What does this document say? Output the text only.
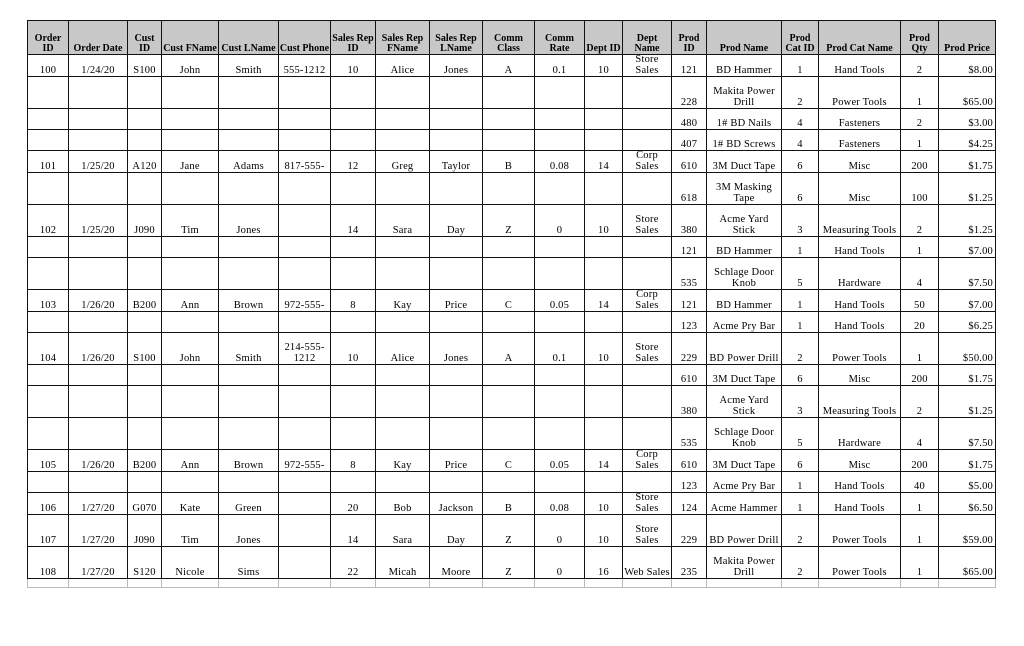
Order ID	Order Date	Cust ID	Cust FName	Cust LName	Cust Phone	Sales Rep ID	Sales Rep FName	Sales Rep LName	Comm Class	Comm Rate	Dept ID	Dept Name	Prod ID	Prod Name	Prod Cat ID	Prod Cat Name	Prod Qty	Prod Price
100	1/24/20	S100	John	Smith	555-1212	10	Alice	Jones	A	0.1	10	Store Sales	121	BD Hammer	1	Hand Tools	2	$8.00
													228	Makita Power Drill	2	Power Tools	1	$65.00
													480	1# BD Nails	4	Fasteners	2	$3.00
													407	1# BD Screws	4	Fasteners	1	$4.25
101	1/25/20	A120	Jane	Adams	817-555-	12	Greg	Taylor	B	0.08	14	Corp Sales	610	3M Duct Tape	6	Misc	200	$1.75
													618	3M Masking Tape	6	Misc	100	$1.25
102	1/25/20	J090	Tim	Jones		14	Sara	Day	Z	0	10	Store Sales	380	Acme Yard Stick	3	Measuring Tools	2	$1.25
													121	BD Hammer	1	Hand Tools	1	$7.00
													535	Schlage Door Knob	5	Hardware	4	$7.50
103	1/26/20	B200	Ann	Brown	972-555-	8	Kay	Price	C	0.05	14	Corp Sales	121	BD Hammer	1	Hand Tools	50	$7.00
													123	Acme Pry Bar	1	Hand Tools	20	$6.25
104	1/26/20	S100	John	Smith	214-555-1212	10	Alice	Jones	A	0.1	10	Store Sales	229	BD Power Drill	2	Power Tools	1	$50.00
													610	3M Duct Tape	6	Misc	200	$1.75
													380	Acme Yard Stick	3	Measuring Tools	2	$1.25
													535	Schlage Door Knob	5	Hardware	4	$7.50
105	1/26/20	B200	Ann	Brown	972-555-	8	Kay	Price	C	0.05	14	Corp Sales	610	3M Duct Tape	6	Misc	200	$1.75
													123	Acme Pry Bar	1	Hand Tools	40	$5.00
106	1/27/20	G070	Kate	Green		20	Bob	Jackson	B	0.08	10	Store Sales	124	Acme Hammer	1	Hand Tools	1	$6.50
107	1/27/20	J090	Tim	Jones		14	Sara	Day	Z	0	10	Store Sales	229	BD Power Drill	2	Power Tools	1	$59.00
108	1/27/20	S120	Nicole	Sims		22	Micah	Moore	Z	0	16	Web Sales	235	Makita Power Drill	2	Power Tools	1	$65.00
